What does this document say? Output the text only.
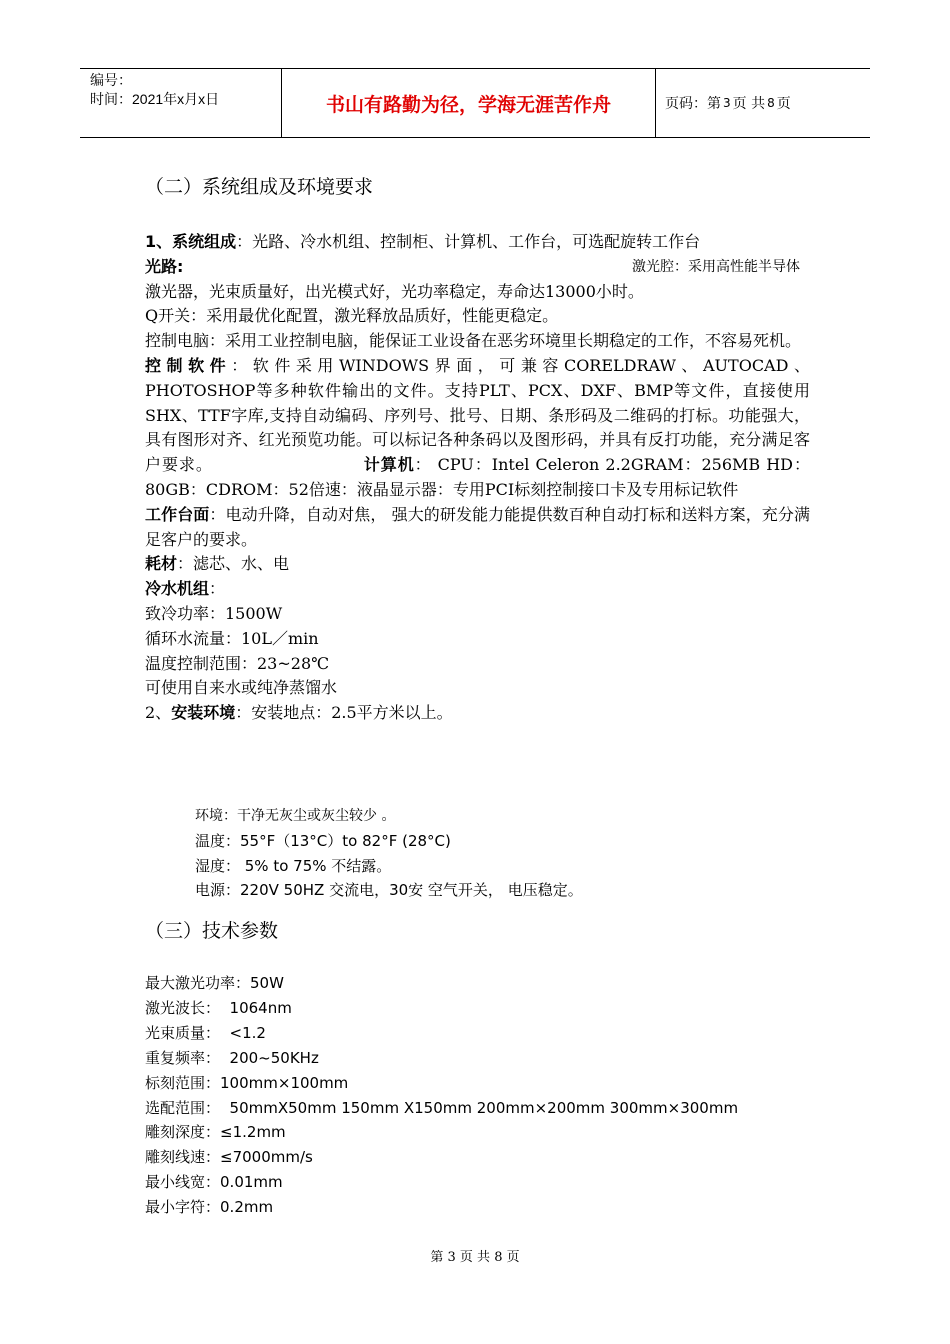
编号：
时间：2021年x月x日	书山有路勤为径，学海无涯苦作舟	页码：第 3 页 共 8 页
（二）系统组成及环境要求

1、系统组成：光路、冷水机组、控制柜、计算机、工作台，可选配旋转工作台

光路:	激光腔：采用高性能半导体

激光器，光束质量好，出光模式好，光功率稳定，寿命达13000小时。

Q开关：采用最优化配置，激光释放品质好，性能更稳定。

控制电脑：采用工业控制电脑，能保证工业设备在恶劣环境里长期稳定的工作，不容易死机。

控制软件：软件采用WINDOWS界面，可兼容CORELDRAW、AUTOCAD、PHOTOSHOP等多种软件输出的文件。支持PLT、PCX、DXF、BMP等文件，直接使用SHX、TTF字库,支持自动编码、序列号、批号、日期、条形码及二维码的打标。功能强大，具有图形对齐、红光预览功能。可以标记各种条码以及图形码，并具有反打功能，充分满足客户要求。	计算机： CPU：Intel Celeron 2.2GRAM：256MB HD：80GB：CDROM：52倍速：液晶显示器：专用PCI标刻控制接口卡及专用标记软件

工作台面：电动升降，自动对焦， 强大的研发能力能提供数百种自动打标和送料方案，充分满足客户的要求。

耗材：滤芯、水、电

冷水机组：

致冷功率：1500W

循环水流量：10L／min

温度控制范围：23~28℃

可使用自来水或纯净蒸馏水

2、安装环境：安装地点：2.5平方米以上。

环境：干净无灰尘或灰尘较少 。
温度：55°F（13°C）to 82°F (28°C)
湿度： 5% to 75% 不结露。
电源：220V 50HZ 交流电，30安 空气开关， 电压稳定。
（三）技术参数
最大激光功率：50W
激光波长：  1064nm
光束质量：  <1.2
重复频率：  200~50KHz
标刻范围：100mm×100mm
选配范围：  50mmX50mm 150mm X150mm 200mm×200mm 300mm×300mm
雕刻深度：≤1.2mm
雕刻线速：≤7000mm/s
最小线宽：0.01mm
最小字符：0.2mm
第 3 页 共 8 页
